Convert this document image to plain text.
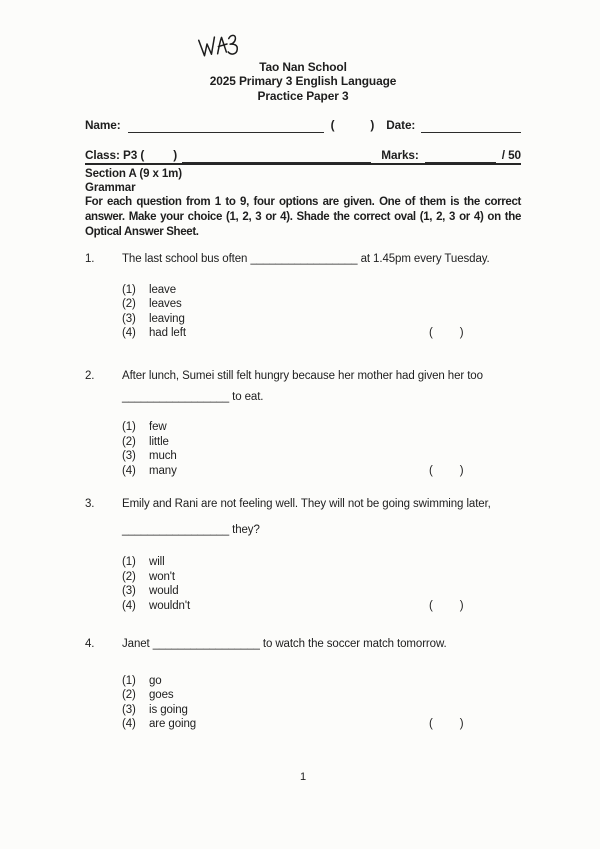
Tao Nan School
2025 Primary 3 English Language
Practice Paper 3
Name:	(	) Date:
Class: P3 ( )	Marks:	/ 50
Section A (9 x 1m)
Grammar
For each question from 1 to 9, four options are given. One of them is the correct answer. Make your choice (1, 2, 3 or 4). Shade the correct oval (1, 2, 3 or 4) on the Optical Answer Sheet.
1.	The last school bus often _________________ at 1.45pm every Tuesday.
(1)	leave
(2)	leaves
(3)	leaving
(4)	had left	( )
2.	After lunch, Sumei still felt hungry because her mother had given her too
_________________ to eat.
(1)	few
(2)	little
(3)	much
(4)	many	( )
3.	Emily and Rani are not feeling well. They will not be going swimming later,
_________________ they?
(1)	will
(2)	won't
(3)	would
(4)	wouldn't	( )
4.	Janet _________________ to watch the soccer match tomorrow.
(1)	go
(2)	goes
(3)	is going
(4)	are going	( )
1
